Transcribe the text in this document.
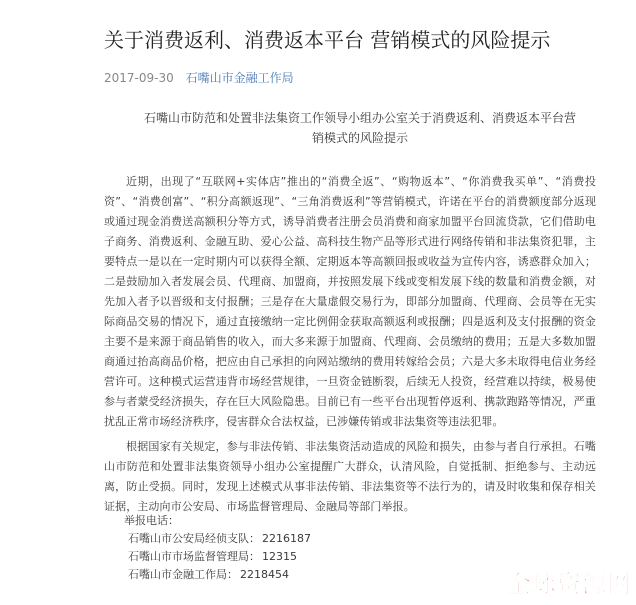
关于消费返利、消费返本平台 营销模式的风险提示
2017-09-30 石嘴山市金融工作局
石嘴山市防范和处置非法集资工作领导小组办公室关于消费返利、消费返本平台营销模式的风险提示

近期，出现了“互联网+实体店”推出的“消费全返”、“购物返本”、“你消费我买单”、“消费投资”、“消费创富”、“积分高额返现”、“三角消费返利”等营销模式，许诺在平台的消费额度部分返现或通过现金消费送高额积分等方式，诱导消费者注册会员消费和商家加盟平台回流贷款，它们借助电子商务、消费返利、金融互助、爱心公益、高科技生物产品等形式进行网络传销和非法集资犯罪，主要特点一是以在一定时期内可以获得全额、定期返本等高额回报或收益为宣传内容，诱惑群众加入；二是鼓励加入者发展会员、代理商、加盟商，并按照发展下线或变相发展下线的数量和消费金额，对先加入者予以晋级和支付报酬；三是存在大量虚假交易行为，即部分加盟商、代理商、会员等在无实际商品交易的情况下，通过直接缴纳一定比例佣金获取高额返利或报酬；四是返利及支付报酬的资金主要不是来源于商品销售的收入，而大多来源于加盟商、代理商、会员缴纳的费用；五是大多数加盟商通过抬高商品价格，把应由自己承担的向网站缴纳的费用转嫁给会员；六是大多未取得电信业务经营许可。这种模式运营违背市场经营规律，一旦资金链断裂，后续无人投资，经营难以持续，极易使参与者蒙受经济损失，存在巨大风险隐患。目前已有一些平台出现暂停返利、携款跑路等情况，严重扰乱正常市场经济秩序，侵害群众合法权益，已涉嫌传销或非法集资等违法犯罪。

根据国家有关规定，参与非法传销、非法集资活动造成的风险和损失，由参与者自行承担。石嘴山市防范和处置非法集资领导小组办公室提醒广大群众，认清风险，自觉抵制、拒绝参与、主动远离，防止受损。同时，发现上述模式从事非法传销、非法集资等不法行为的，请及时收集和保存相关证据，主动向市公安局、市场监督管理局、金融局等部门举报。

举报电话：
石嘴山市公安局经侦支队： 2216187
石嘴山市市场监督管理局： 12315
石嘴山市金融工作局： 2218454	全球资源网
